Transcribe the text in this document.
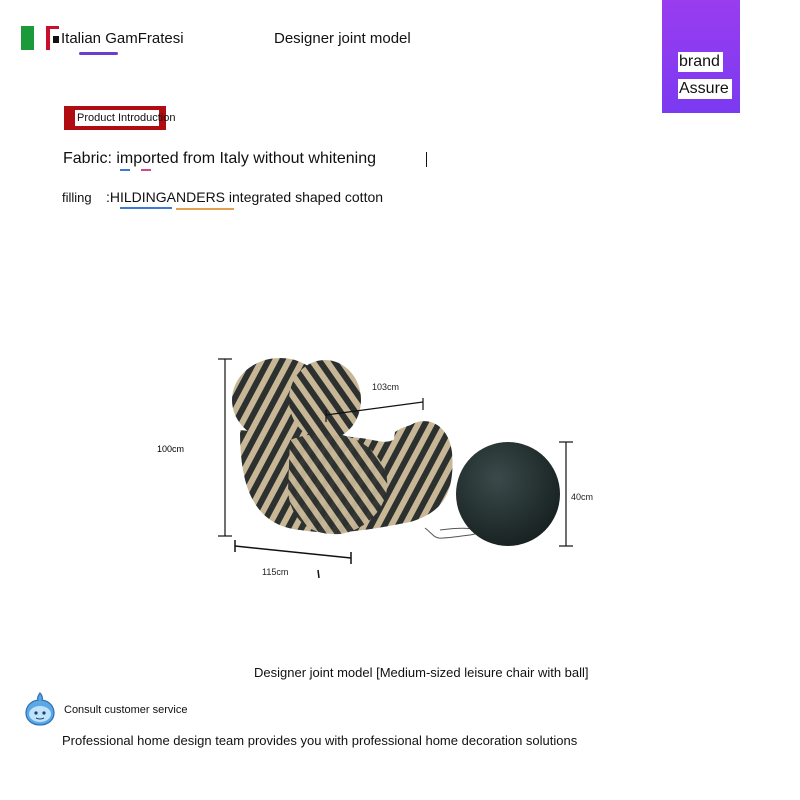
Italian GamFratesi	Designer joint model
brand
Assure
Product Introduction
Fabric: imported from Italy without whitening
filling :HILDINGANDERS integrated shaped cotton
100cm
103cm
40cm
115cm
Designer joint model [Medium-sized leisure chair with ball]
Consult customer service
Professional home design team provides you with professional home decoration solutions
